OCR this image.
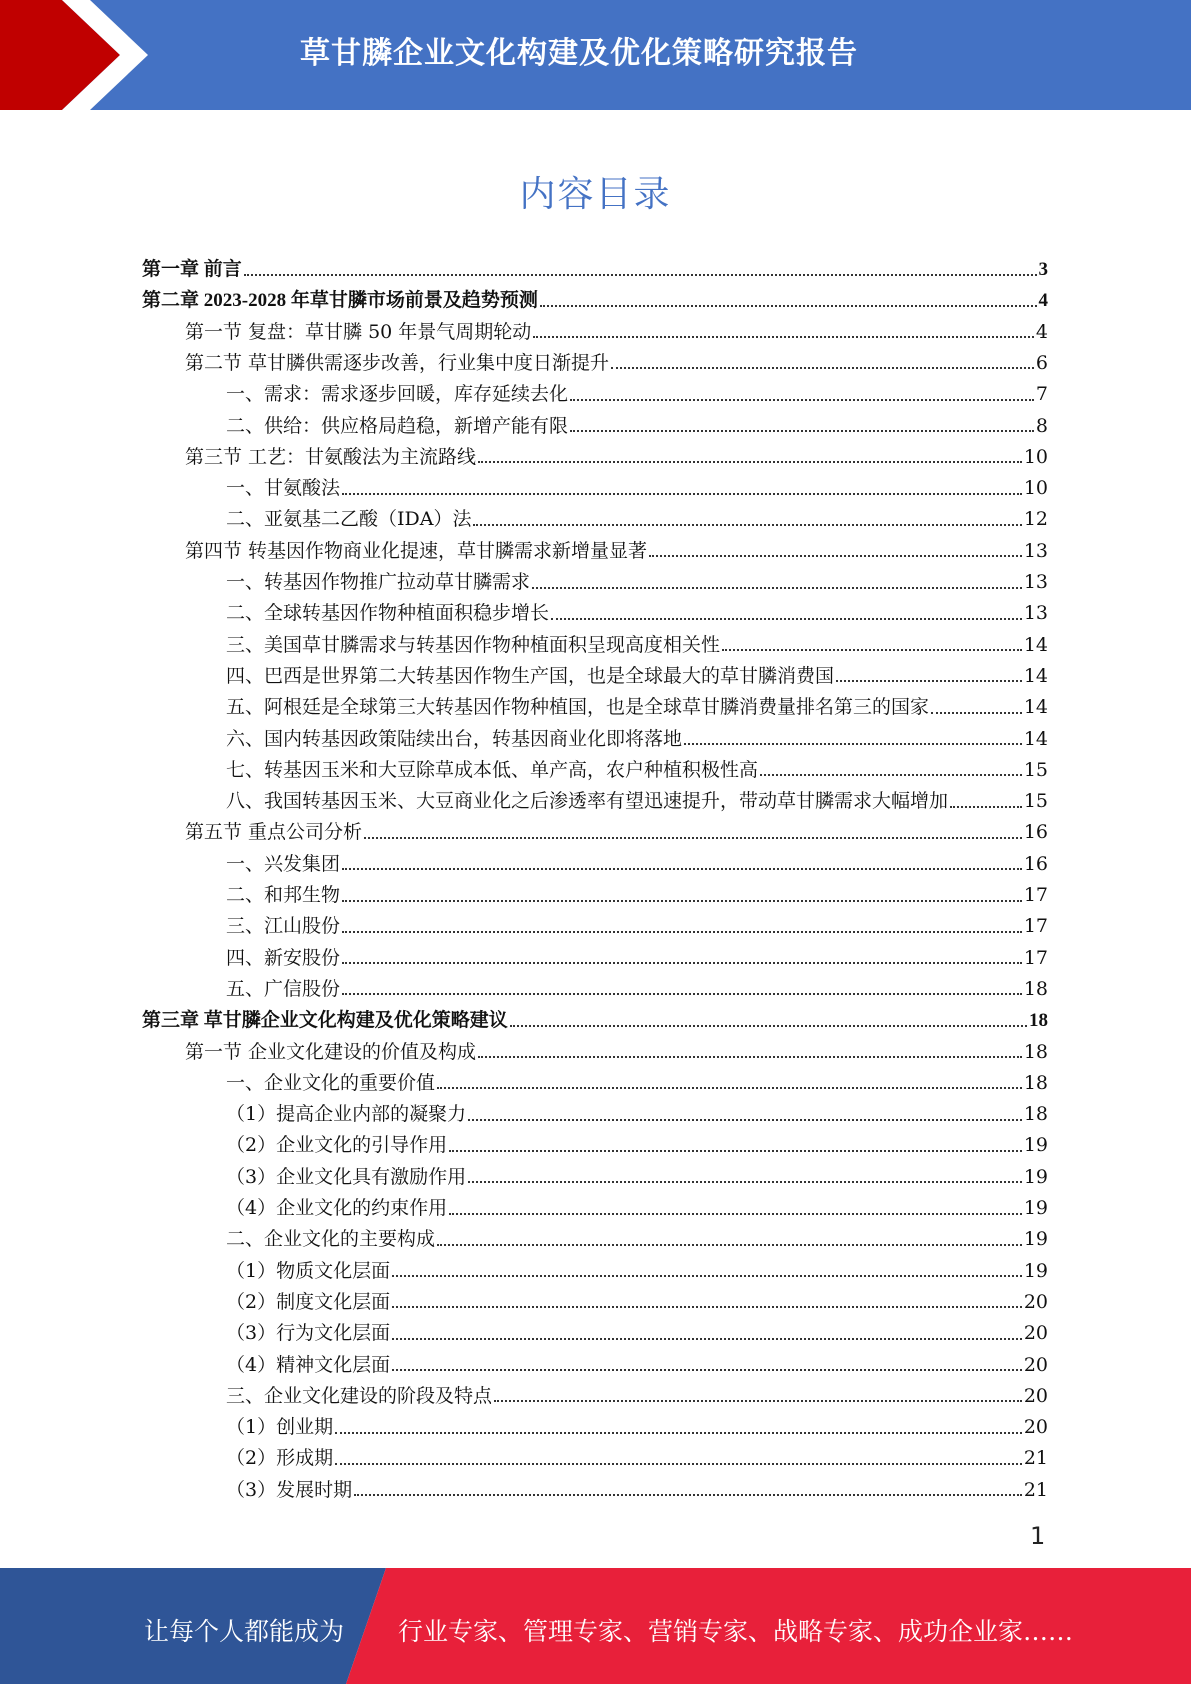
草甘膦企业文化构建及优化策略研究报告
内容目录
第一章 前言	3
第二章 2023-2028 年草甘膦市场前景及趋势预测	4
第一节 复盘：草甘膦 50 年景气周期轮动	4
第二节 草甘膦供需逐步改善，行业集中度日渐提升	6
一、需求：需求逐步回暖，库存延续去化	7
二、供给：供应格局趋稳，新增产能有限	8
第三节 工艺：甘氨酸法为主流路线	10
一、甘氨酸法	10
二、亚氨基二乙酸（IDA）法	12
第四节 转基因作物商业化提速，草甘膦需求新增量显著	13
一、转基因作物推广拉动草甘膦需求	13
二、全球转基因作物种植面积稳步增长	13
三、美国草甘膦需求与转基因作物种植面积呈现高度相关性	14
四、巴西是世界第二大转基因作物生产国，也是全球最大的草甘膦消费国	14
五、阿根廷是全球第三大转基因作物种植国，也是全球草甘膦消费量排名第三的国家	14
六、国内转基因政策陆续出台，转基因商业化即将落地	14
七、转基因玉米和大豆除草成本低、单产高，农户种植积极性高	15
八、我国转基因玉米、大豆商业化之后渗透率有望迅速提升，带动草甘膦需求大幅增加	15
第五节 重点公司分析	16
一、兴发集团	16
二、和邦生物	17
三、江山股份	17
四、新安股份	17
五、广信股份	18
第三章 草甘膦企业文化构建及优化策略建议	18
第一节 企业文化建设的价值及构成	18
一、企业文化的重要价值	18
（1）提高企业内部的凝聚力	18
（2）企业文化的引导作用	19
（3）企业文化具有激励作用	19
（4）企业文化的约束作用	19
二、企业文化的主要构成	19
（1）物质文化层面	19
（2）制度文化层面	20
（3）行为文化层面	20
（4）精神文化层面	20
三、企业文化建设的阶段及特点	20
（1）创业期	20
（2）形成期	21
（3）发展时期	21
1
让每个人都能成为 行业专家、管理专家、营销专家、战略专家、成功企业家……
